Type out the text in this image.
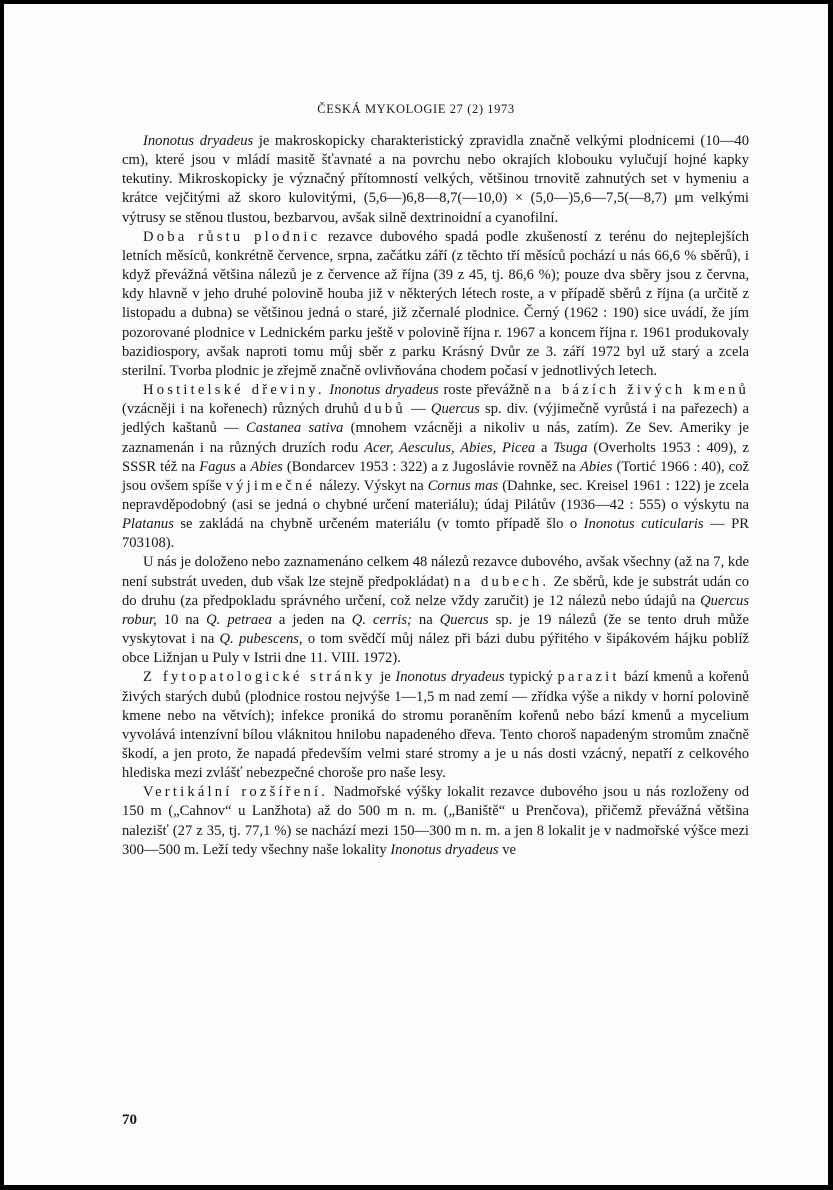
ČESKÁ MYKOLOGIE 27 (2) 1973

Inonotus dryadeus je makroskopicky charakteristický zpravidla značně velkými plodnicemi (10—40 cm), které jsou v mládí masitě šťavnaté a na povrchu nebo okrajích klobouku vylučují hojné kapky tekutiny. Mikroskopicky je význačný přítomností velkých, většinou trnovitě zahnutých set v hymeniu a krátce vejčitými až skoro kulovitými, (5,6—)6,8—8,7(—10,0) × (5,0—)5,6—7,5(—8,7) μm velkými výtrusy se stěnou tlustou, bezbarvou, avšak silně dextrinoidní a cyanofilní.

Doba růstu plodnic rezavce dubového spadá podle zkušeností z terénu do nejteplejších letních měsíců, konkrétně července, srpna, začátku září (z těchto tří měsíců pochází u nás 66,6 % sběrů), i když převážná většina nálezů je z července až října (39 z 45, tj. 86,6 %); pouze dva sběry jsou z června, kdy hlavně v jeho druhé polovině houba již v některých létech roste, a v případě sběrů z října (a určitě z listopadu a dubna) se většinou jedná o staré, již zčernalé plodnice. Černý (1962 : 190) sice uvádí, že jím pozorované plodnice v Lednickém parku ještě v polovině října r. 1967 a koncem října r. 1961 produkovaly bazidiospory, avšak naproti tomu můj sběr z parku Krásný Dvůr ze 3. září 1972 byl už starý a zcela sterilní. Tvorba plodnic je zřejmě značně ovlivňována chodem počasí v jednotlivých letech.

Hostitelské dřeviny. Inonotus dryadeus roste převážně na bázích živých kmenů (vzácněji i na kořenech) různých druhů dubů — Quercus sp. div. (výjimečně vyrůstá i na pařezech) a jedlých kaštanů — Castanea sativa (mnohem vzácněji a nikoliv u nás, zatím). Ze Sev. Ameriky je zaznamenán i na různých druzích rodu Acer, Aesculus, Abies, Picea a Tsuga (Overholts 1953 : 409), z SSSR též na Fagus a Abies (Bondarcev 1953 : 322) a z Jugoslávie rovněž na Abies (Tortić 1966 : 40), což jsou ovšem spíše výjimečné nálezy. Výskyt na Cornus mas (Dahnke, sec. Kreisel 1961 : 122) je zcela nepravděpodobný (asi se jedná o chybné určení materiálu); údaj Pilátův (1936—42 : 555) o výskytu na Platanus se zakládá na chybně určeném materiálu (v tomto případě šlo o Inonotus cuticularis — PR 703108).

U nás je doloženo nebo zaznamenáno celkem 48 nálezů rezavce dubového, avšak všechny (až na 7, kde není substrát uveden, dub však lze stejně předpokládat) na dubech. Ze sběrů, kde je substrát udán co do druhu (za předpokladu správného určení, což nelze vždy zaručit) je 12 nálezů nebo údajů na Quercus robur, 10 na Q. petraea a jeden na Q. cerris; na Quercus sp. je 19 nálezů (že se tento druh může vyskytovat i na Q. pubescens, o tom svědčí můj nález při bázi dubu pýřitého v šipákovém hájku poblíž obce Ližnjan u Puly v Istrii dne 11. VIII. 1972).

Z fytopatologické stránky je Inonotus dryadeus typický parazit bází kmenů a kořenů živých starých dubů (plodnice rostou nejvýše 1—1,5 m nad zemí — zřídka výše a nikdy v horní polovině kmene nebo na větvích); infekce proniká do stromu poraněním kořenů nebo bází kmenů a mycelium vyvolává intenzívní bílou vláknitou hnilobu napadeného dřeva. Tento choroš napadeným stromům značně škodí, a jen proto, že napadá především velmi staré stromy a je u nás dosti vzácný, nepatří z celkového hlediska mezi zvlášť nebezpečné choroše pro naše lesy.

Vertikální rozšíření. Nadmořské výšky lokalit rezavce dubového jsou u nás rozloženy od 150 m („Cahnov“ u Lanžhota) až do 500 m n. m. („Baniště“ u Prenčova), přičemž převážná většina nalezišť (27 z 35, tj. 77,1 %) se nachází mezi 150—300 m n. m. a jen 8 lokalit je v nadmořské výšce mezi 300—500 m. Leží tedy všechny naše lokality Inonotus dryadeus ve

70
